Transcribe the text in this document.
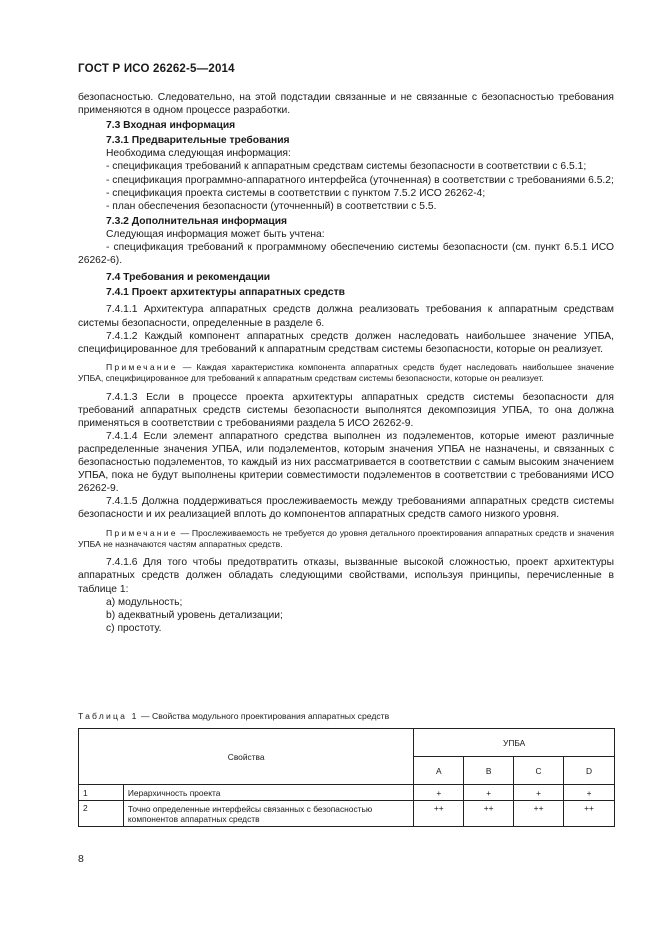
ГОСТ Р ИСО 26262-5—2014

безопасностью. Следовательно, на этой подстадии связанные и не связанные с безопасностью требования применяются в одном процессе разработки.

7.3 Входная информация

7.3.1 Предварительные требования

Необходима следующая информация:

- спецификация требований к аппаратным средствам системы безопасности в соответствии с 6.5.1;

- спецификация программно-аппаратного интерфейса (уточненная) в соответствии с требованиями 6.5.2;

- спецификация проекта системы в соответствии с пунктом 7.5.2 ИСО 26262-4;

- план обеспечения безопасности (уточненный) в соответствии с 5.5.

7.3.2 Дополнительная информация

Следующая информация может быть учтена:

- спецификация требований к программному обеспечению системы безопасности (см. пункт 6.5.1 ИСО 26262-6).

7.4 Требования и рекомендации

7.4.1 Проект архитектуры аппаратных средств

7.4.1.1 Архитектура аппаратных средств должна реализовать требования к аппаратным средствам системы безопасности, определенные в разделе 6.

7.4.1.2 Каждый компонент аппаратных средств должен наследовать наибольшее значение УПБА, специфицированное для требований к аппаратным средствам системы безопасности, которые он реализует.

Примечание — Каждая характеристика компонента аппаратных средств будет наследовать наибольшее значение УПБА, специфицированное для требований к аппаратным средствам системы безопасности, которые он реализует.

7.4.1.3 Если в процессе проекта архитектуры аппаратных средств системы безопасности для требований аппаратных средств системы безопасности выполнятся декомпозиция УПБА, то она должна применяться в соответствии с требованиями раздела 5 ИСО 26262-9.

7.4.1.4 Если элемент аппаратного средства выполнен из подэлементов, которые имеют различные распределенные значения УПБА, или подэлементов, которым значения УПБА не назначены, и связанных с безопасностью подэлементов, то каждый из них рассматривается в соответствии с самым высоким значением УПБА, пока не будут выполнены критерии совместимости подэлементов в соответствии с требованиями ИСО 26262-9.

7.4.1.5 Должна поддерживаться прослеживаемость между требованиями аппаратных средств системы безопасности и их реализацией вплоть до компонентов аппаратных средств самого низкого уровня.

Примечание — Прослеживаемость не требуется до уровня детального проектирования аппаратных средств и значения УПБА не назначаются частям аппаратных средств.

7.4.1.6 Для того чтобы предотвратить отказы, вызванные высокой сложностью, проект архитектуры аппаратных средств должен обладать следующими свойствами, используя принципы, перечисленные в таблице 1:

а) модульность;

b) адекватный уровень детализации;

с) простоту.

Таблица 1 — Свойства модульного проектирования аппаратных средств
Свойства		УПБА			
		A	B	C	D
1	Иерархичность проекта	+	+	+	+
2	Точно определенные интерфейсы связанных с безопасностью компонентов аппаратных средств	++	++	++	++
8
